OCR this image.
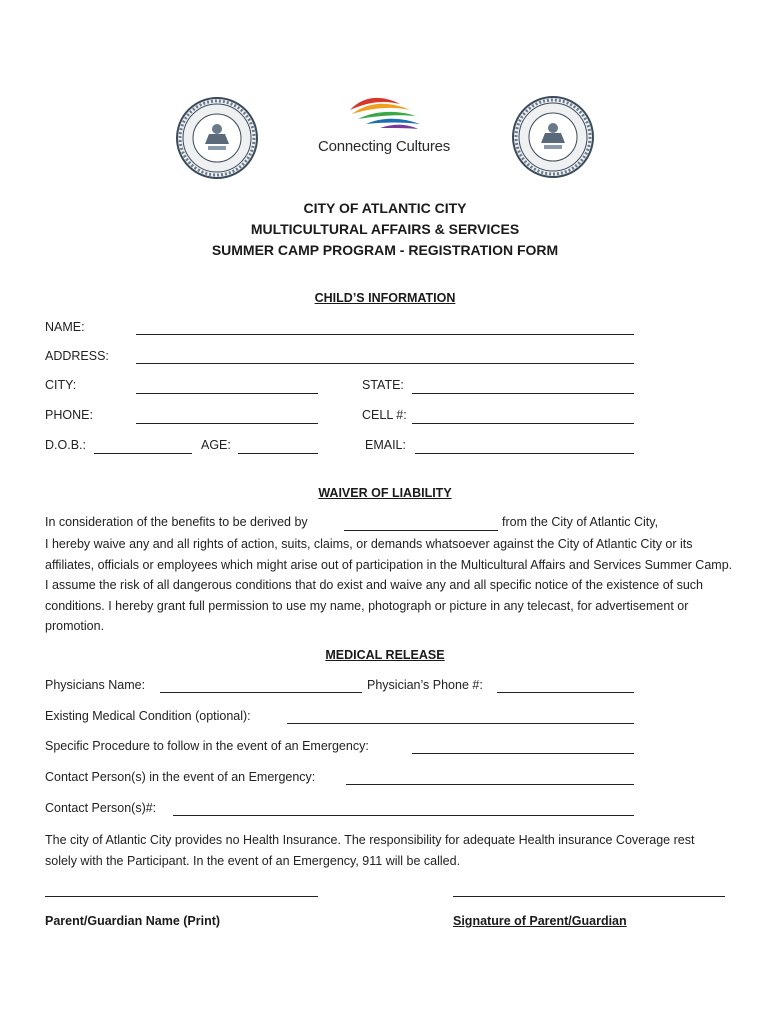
Connecting Cultures
CITY OF ATLANTIC CITY
MULTICULTURAL AFFAIRS & SERVICES
SUMMER CAMP PROGRAM - REGISTRATION FORM
CHILD’S INFORMATION
NAME:
ADDRESS:
CITY:	STATE:
PHONE:	CELL #:
D.O.B.:	AGE:	EMAIL:
WAIVER OF LIABILITY
In consideration of the benefits to be derived by	from the City of Atlantic City,
I hereby waive any and all rights of action, suits, claims, or demands whatsoever against the City of Atlantic City or its affiliates, officials or employees which might arise out of participation in the Multicultural Affairs and Services Summer Camp. I assume the risk of all dangerous conditions that do exist and waive any and all specific notice of the existence of such conditions. I hereby grant full permission to use my name, photograph or picture in any telecast, for advertisement or promotion.
MEDICAL RELEASE
Physicians Name:	Physician’s Phone #:
Existing Medical Condition (optional):
Specific Procedure to follow in the event of an Emergency:
Contact Person(s) in the event of an Emergency:
Contact Person(s)#:
The city of Atlantic City provides no Health Insurance. The responsibility for adequate Health insurance Coverage rest solely with the Participant. In the event of an Emergency, 911 will be called.
Parent/Guardian Name (Print)	Signature of Parent/Guardian
